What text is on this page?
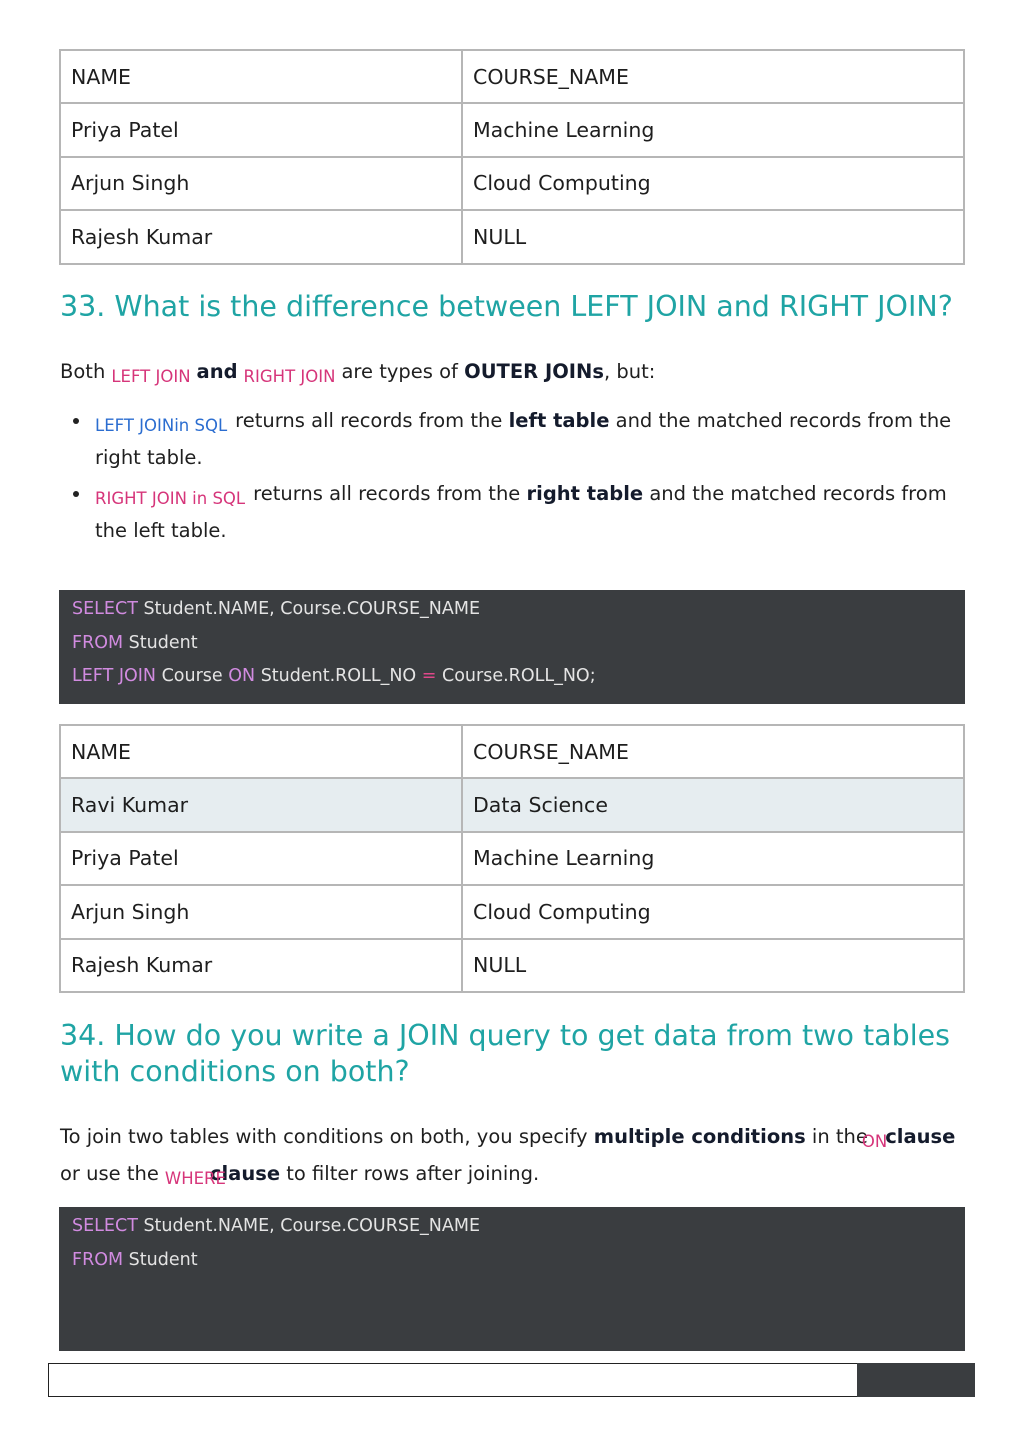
NAME	COURSE_NAME
Priya Patel	Machine Learning
Arjun Singh	Cloud Computing
Rajesh Kumar	NULL
33. What is the difference between LEFT JOIN and RIGHT JOIN?

Both $_{LEFT JOIN}$ and $_{RIGHT JOIN}$ are types of OUTER JOINs, but:

$_{LEFT JOINin SQL}$ returns all records from the left table and the matched records from the right table.
$_{RIGHT JOIN in SQL}$ returns all records from the right table and the matched records from the left table.
SELECT Student.NAME, Course.COURSE_NAME
FROM Student
LEFT JOIN Course ON Student.ROLL_NO = Course.ROLL_NO;
NAME	COURSE_NAME
Ravi Kumar	Data Science
Priya Patel	Machine Learning
Arjun Singh	Cloud Computing
Rajesh Kumar	NULL
34. How do you write a JOIN query to get data from two tables with conditions on both?

To join two tables with conditions on both, you specify multiple conditions in the$_{ON}$clause or use the $_{WHERE}$clause to filter rows after joining.

SELECT Student.NAME, Course.COURSE_NAME
FROM Student
